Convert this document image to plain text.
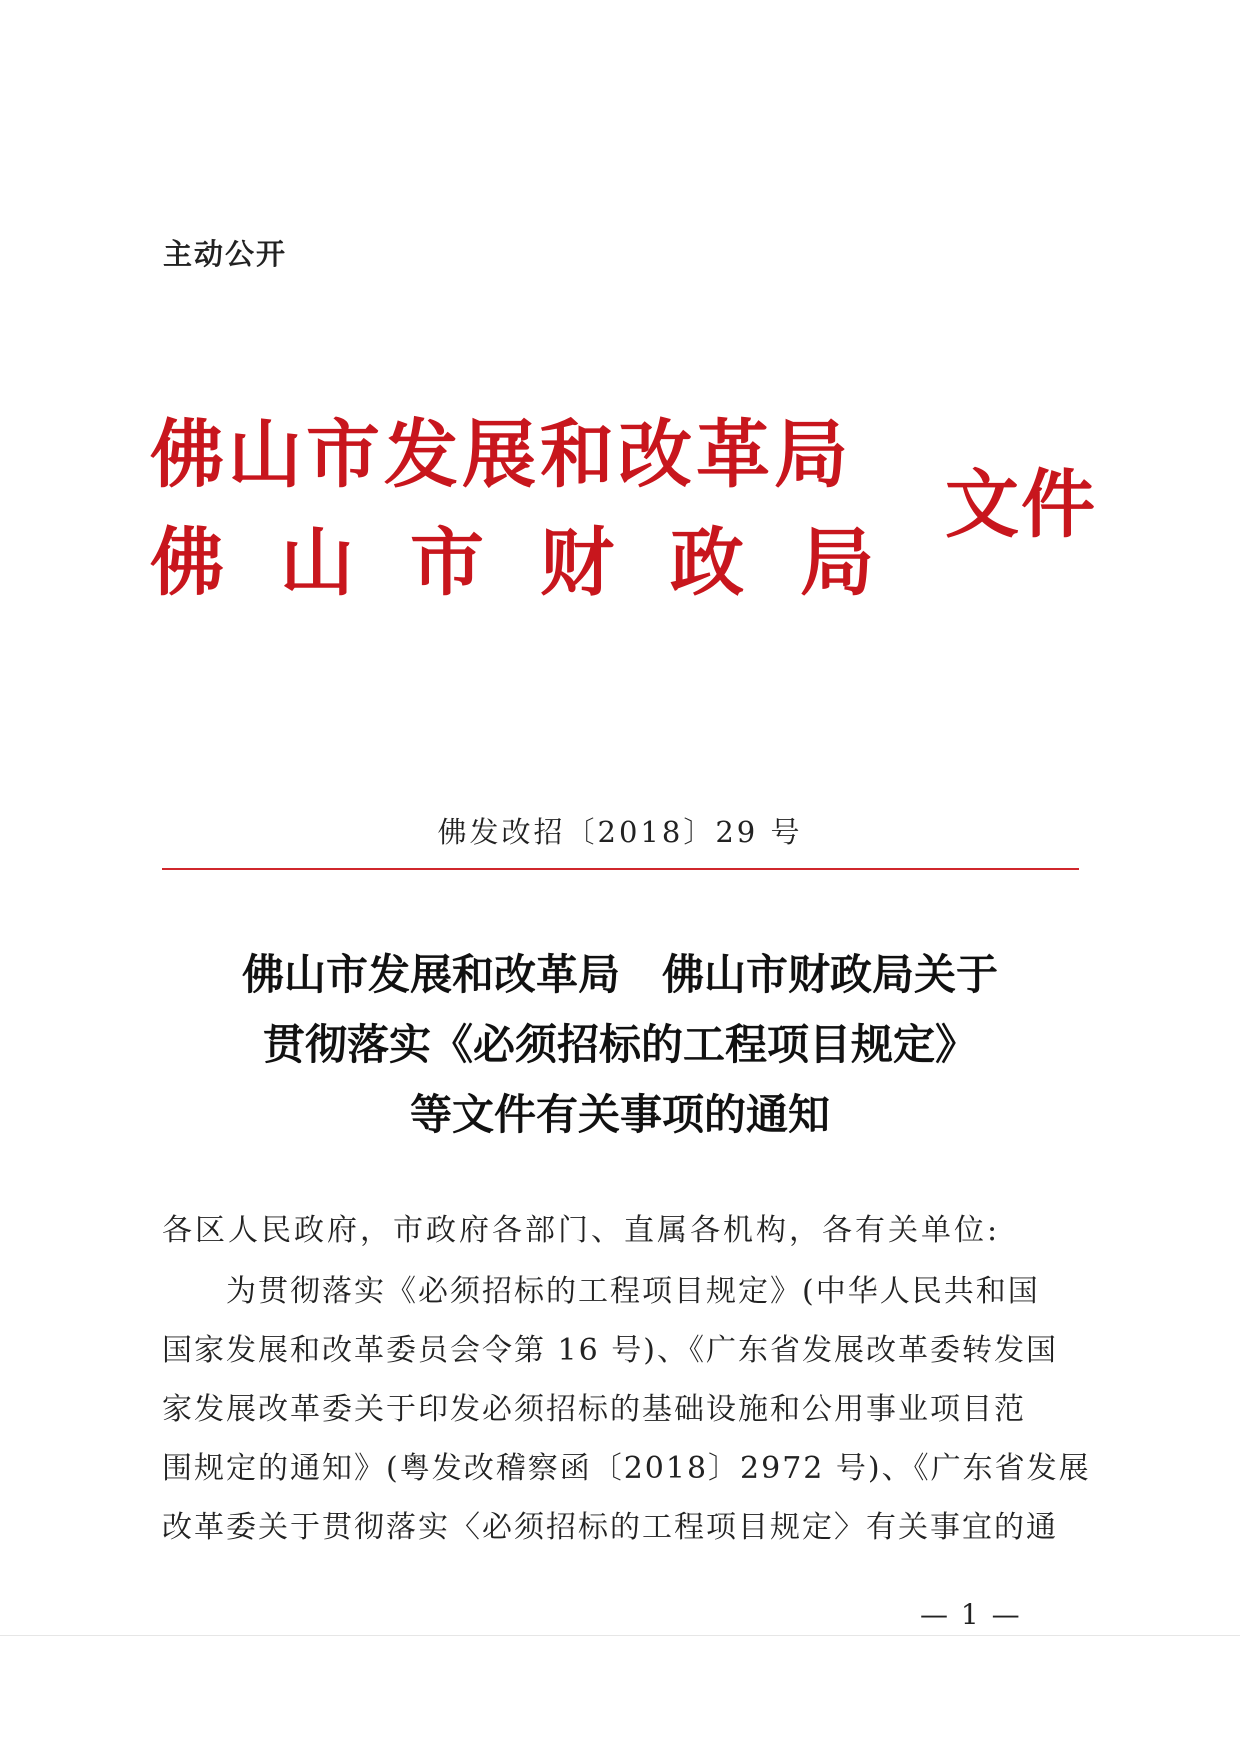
主动公开
佛山市发展和改革局
佛山市财政局
文件
佛发改招〔2018〕29 号
佛山市发展和改革局　佛山市财政局关于
贯彻落实《必须招标的工程项目规定》
等文件有关事项的通知
各区人民政府，市政府各部门、直属各机构，各有关单位:
为贯彻落实《必须招标的工程项目规定》(中华人民共和国
国家发展和改革委员会令第 16 号)、《广东省发展改革委转发国
家发展改革委关于印发必须招标的基础设施和公用事业项目范
围规定的通知》(粤发改稽察函〔2018〕2972 号)、《广东省发展
改革委关于贯彻落实〈必须招标的工程项目规定〉有关事宜的通
— 1 —
